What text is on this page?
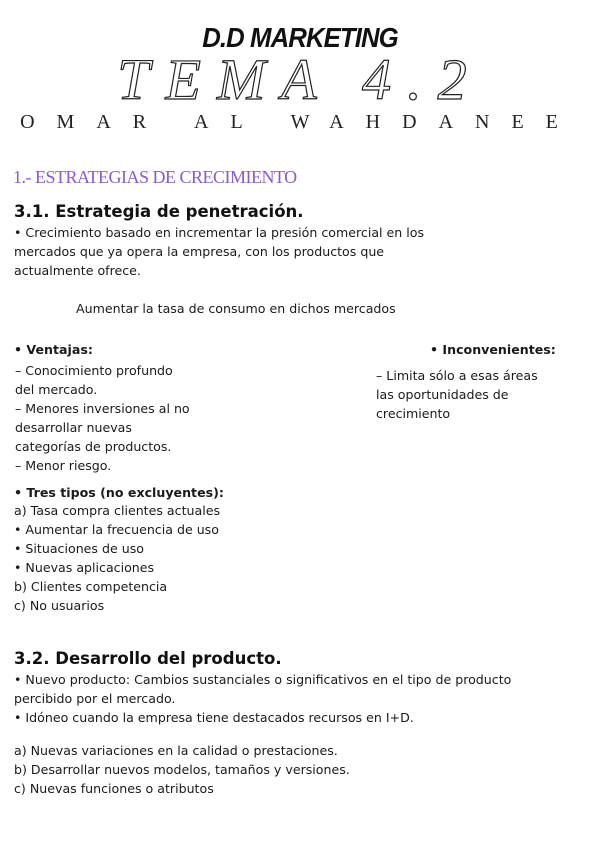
D.D MARKETING
TEMA 4.2
OMAR AL WAHDANEE
1.- ESTRATEGIAS DE CRECIMIENTO
3.1. Estrategia de penetración.
• Crecimiento basado en incrementar la presión comercial en los
mercados que ya opera la empresa, con los productos que
actualmente ofrece.
Aumentar la tasa de consumo en dichos mercados
• Ventajas:
– Conocimiento profundo
del mercado.
– Menores inversiones al no
desarrollar nuevas
categorías de productos.
– Menor riesgo.
• Inconvenientes:
– Limita sólo a esas áreas
las oportunidades de
crecimiento
• Tres tipos (no excluyentes):
a) Tasa compra clientes actuales
• Aumentar la frecuencia de uso
• Situaciones de uso
• Nuevas aplicaciones
b) Clientes competencia
c) No usuarios
3.2. Desarrollo del producto.
• Nuevo producto: Cambios sustanciales o significativos en el tipo de producto
percibido por el mercado.
• Idóneo cuando la empresa tiene destacados recursos en I+D.
a) Nuevas variaciones en la calidad o prestaciones.
b) Desarrollar nuevos modelos, tamaños y versiones.
c) Nuevas funciones o atributos
